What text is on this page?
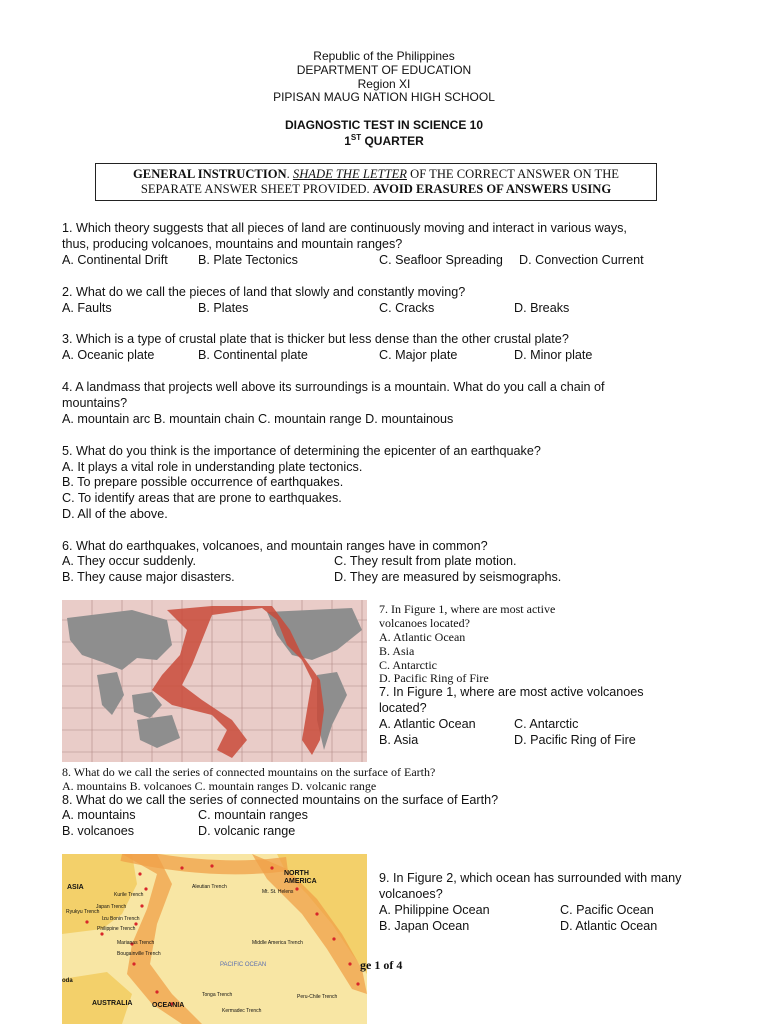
Republic of the Philippines
DEPARTMENT OF EDUCATION
Region XI
PIPISAN MAUG NATION HIGH SCHOOL
DIAGNOSTIC TEST IN SCIENCE 10
1ST QUARTER
GENERAL INSTRUCTION. SHADE THE LETTER OF THE CORRECT ANSWER ON THE
SEPARATE ANSWER SHEET PROVIDED. AVOID ERASURES OF ANSWERS USING
1. Which theory suggests that all pieces of land are continuously moving and interact in various ways,
thus, producing volcanoes, mountains and mountain ranges?
A. Continental Drift B. Plate Tectonics	C. Seafloor Spreading D. Convection Current
2. What do we call the pieces of land that slowly and constantly moving?
A. Faults	B. Plates	C. Cracks	D. Breaks
3. Which is a type of crustal plate that is thicker but less dense than the other crustal plate?
A. Oceanic plate	B. Continental plate	C. Major plate	D. Minor plate
4. A landmass that projects well above its surroundings is a mountain. What do you call a chain of
mountains?
A. mountain arc B. mountain chain C. mountain range D. mountainous
5. What do you think is the importance of determining the epicenter of an earthquake?
A. It plays a vital role in understanding plate tectonics.
B. To prepare possible occurrence of earthquakes.
C. To identify areas that are prone to earthquakes.
D. All of the above.
6. What do earthquakes, volcanoes, and mountain ranges have in common?
A. They occur suddenly.	C. They result from plate motion.
B. They cause major disasters.	D. They are measured by seismographs.
7. In Figure 1, where are most active
volcanoes located?
A. Atlantic Ocean
B. Asia
C. Antarctic
D. Pacific Ring of Fire
7. In Figure 1, where are most active volcanoes
located?
A. Atlantic Ocean	C. Antarctic
B. Asia	D. Pacific Ring of Fire
8. What do we call the series of connected mountains on the surface of Earth?
A. mountains B. volcanoes C. mountain ranges D. volcanic range
8. What do we call the series of connected mountains on the surface of Earth?
A. mountains	C. mountain ranges
B. volcanoes	D. volcanic range
ASIA
NORTH AMERICA
AUSTRALIA	OCEANIA
PACIFIC OCEAN
Kurile Trench
Aleutian Trench
Mt. St. Helens
Japan Trench
Ryukyu Trench
Izu Bonin Trench
Philippine Trench
Marianas Trench
Bougainville Trench
Middle America Trench
Tonga Trench
Kermadec Trench
Peru-Chile Trench
oda
9. In Figure 2, which ocean has surrounded with many
volcanoes?
A. Philippine Ocean	C. Pacific Ocean
B. Japan Ocean	D. Atlantic Ocean
ge 1 of 4
